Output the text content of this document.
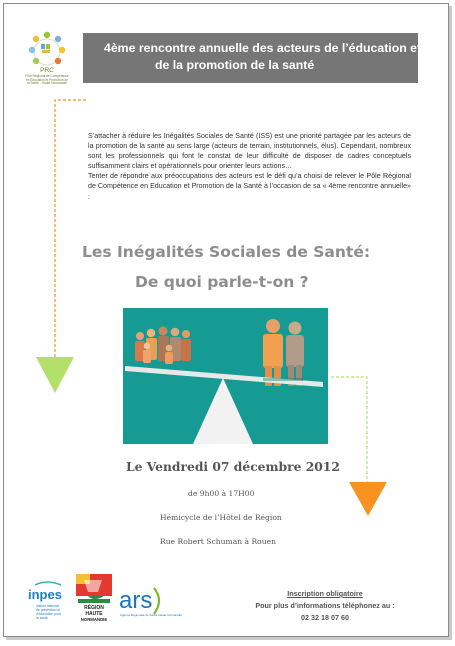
PRC
Pôle Régional de Compétence
en Education et Promotion de
la Santé - Haute-Normandie
4ème rencontre annuelle des acteurs de l’éducation et
de la promotion de la santé

S’attacher à réduire les Inégalités Sociales de Santé (ISS) est une priorité partagée par les acteurs de la promotion de la santé au sens large (acteurs de terrain, institutionnels, élus). Cependant, nombreux sont les professionnels qui font le constat de leur difficulté de disposer de cadres conceptuels suffisamment clairs et opérationnels pour orienter leurs actions…

Tenter de répondre aux préoccupations des acteurs est le défi qu’a choisi de relever le Pôle Régional de Compétence en Education et Promotion de la Santé à l’occasion de sa « 4ème rencontre annuelle» :

Les Inégalités Sociales de Santé:
De quoi parle-t-on ?
Le Vendredi 07 décembre 2012
de 9h00 à 17H00
Hémicycle de l’Hôtel de Région
Rue Robert Schuman à Rouen
inpes
institut national
de prévention et
d'éducation pour
la santé
RÉGION
HAUTE
NORMANDIE
ars
Agence Régionale de Santé Haute-Normandie
Inscription obligatoire
Pour plus d’informations téléphonez au :
02 32 18 07 60
